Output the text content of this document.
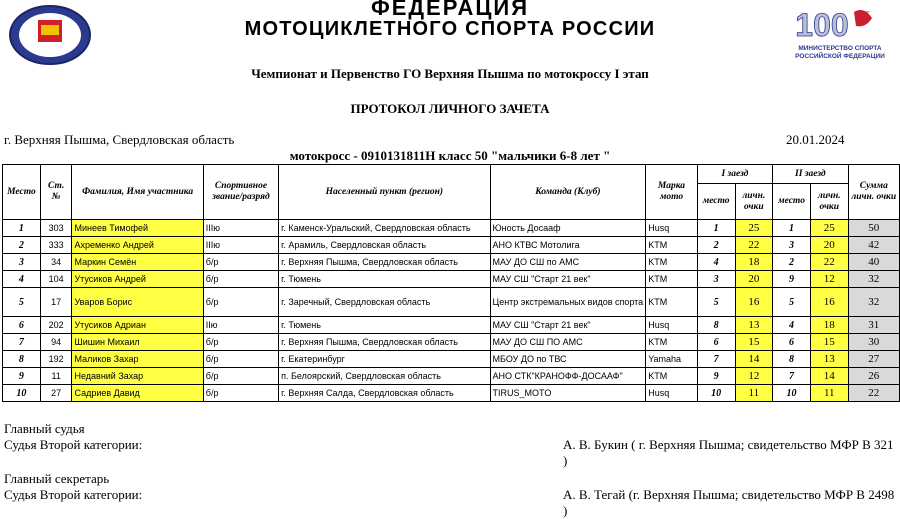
MFR
100
МИНИСТЕРСТВО СПОРТА
РОССИЙСКОЙ ФЕДЕРАЦИИ
ФЕДЕРАЦИЯ
МОТОЦИКЛЕТНОГО СПОРТА РОССИИ
Чемпионат и Первенство ГО Верхняя Пышма по мотокроссу I этап
ПРОТОКОЛ ЛИЧНОГО ЗАЧЕТА
г. Верхняя Пышма, Свердловская область	20.01.2024
мотокросс - 0910131811Н класс 50 "мальчики 6-8 лет "
Место	Ст. №	Фамилия, Имя участника	Спортивное звание/разряд	Населенный пункт (регион)	Команда (Клуб)	Марка мото	I заезд		II заезд		Сумма личн. очки
							место	личн. очки	место	личн. очки	
1	303	Минеев Тимофей	IIIю	г. Каменск-Уральский, Свердловская область	Юность Досааф	Husq	1	25	1	25	50
2	333	Ахременко Андрей	IIIю	г. Арамиль, Свердловская область	АНО КТВС Мотолига	KTM	2	22	3	20	42
3	34	Маркин Семён	б/р	г. Верхняя Пышма, Свердловская область	МАУ ДО СШ по АМС	KTM	4	18	2	22	40
4	104	Утусиков Андрей	б/р	г. Тюмень	МАУ СШ "Старт 21 век"	KTM	3	20	9	12	32
5	17	Уваров Борис	б/р	г. Заречный, Свердловская область	Центр экстремальных видов спорта	KTM	5	16	5	16	32
6	202	Утусиков Адриан	IIю	г. Тюмень	МАУ СШ "Старт 21 век"	Husq	8	13	4	18	31
7	94	Шишин Михаил	б/р	г. Верхняя Пышма, Свердловская область	МАУ ДО СШ ПО АМС	KTM	6	15	6	15	30
8	192	Маликов Захар	б/р	г. Екатеринбург	МБОУ ДО по ТВС	Yamaha	7	14	8	13	27
9	11	Недавний Захар	б/р	п. Белоярский, Свердловская область	АНО СТК"КРАНОФФ-ДОСААФ"	KTM	9	12	7	14	26
10	27	Садриев Давид	б/р	г. Верхняя Салда, Свердловская область	TIRUS_MOTO	Husq	10	11	10	11	22
Главный судья
Судья Второй категории:	А. В. Букин ( г. Верхняя Пышма; свидетельство МФР В 321 )
Главный секретарь
Судья Второй категории:	А. В. Тегай (г. Верхняя Пышма; свидетельство МФР В 2498 )
